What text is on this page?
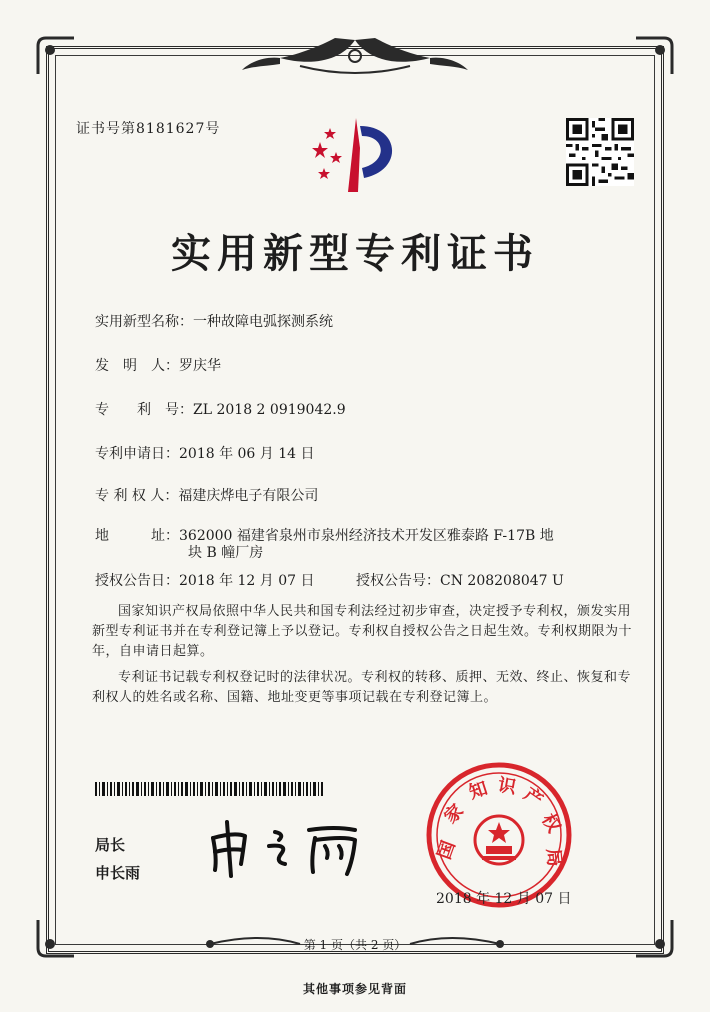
证书号第8181627号
实用新型专利证书
实用新型名称：一种故障电弧探测系统
发　明　人：罗庆华
专　　利　号：ZL 2018 2 0919042.9
专利申请日：2018 年 06 月 14 日
专 利 权 人：福建庆烨电子有限公司
地　　　址：362000 福建省泉州市泉州经济技术开发区雅泰路 F-17B 地
块 B 幢厂房
授权公告日：2018 年 12 月 07 日	授权公告号：CN 208208047 U
国家知识产权局依照中华人民共和国专利法经过初步审查，决定授予专利权，颁发实用新型专利证书并在专利登记簿上予以登记。专利权自授权公告之日起生效。专利权期限为十年，自申请日起算。
专利证书记载专利权登记时的法律状况。专利权的转移、质押、无效、终止、恢复和专利权人的姓名或名称、国籍、地址变更等事项记载在专利登记簿上。
局长
申长雨
国
家
知 识 产
权
局
2018 年 12 月 07 日
第 1 页（共 2 页）
其他事项参见背面
